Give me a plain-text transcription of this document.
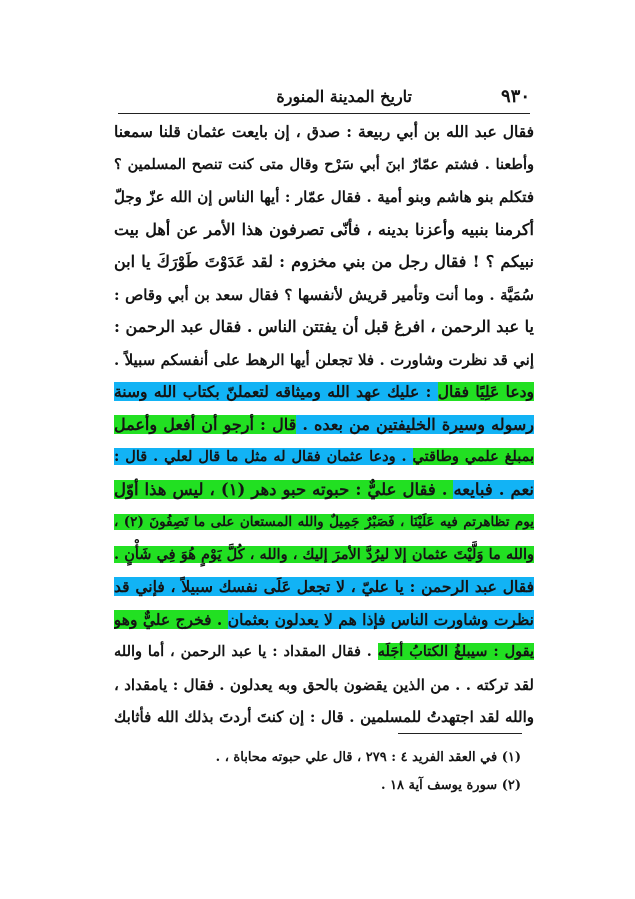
٩٣٠
تاريخ المدينة المنورة
فقال عبد الله بن أبي ربيعة : صدق ، إن بايعت عثمان قلنا سمعنا
وأطعنا . فشتم عمّارٌ ابنَ أبي سَرْح وقال متى كنت تنصح المسلمين ؟
فتكلم بنو هاشم وبنو أمية . فقال عمّار : أيها الناس إن الله عزّ وجلّ
أكرمنا بنبيه وأعزنا بدينه ، فأنّى تصرفون هذا الأمر عن أهل بيت
نبيكم ؟ ! فقال رجل من بني مخزوم : لقد عَدَوْتَ طَوْرَكَ يا ابن
سُمَيَّة . وما أنت وتأمير قريش لأنفسها ؟ فقال سعد بن أبي وقاص :
يا عبد الرحمن ، افرغ قبل أن يفتتن الناس . فقال عبد الرحمن :
إني قد نظرت وشاورت . فلا تجعلن أيها الرهط على أنفسكم سبيلاً .
ودعا عَلِيًا فقال : عليك عهد الله وميثاقه لتعملنّ بكتاب الله وسنة
رسوله وسيرة الخليفتين من بعده . قال : أرجو أن أفعل وأعمل
بمبلغ علمي وطاقتي . ودعا عثمان فقال له مثل ما قال لعلي . قال :
نعم . فبايعه . فقال عليٌّ : حبوته حبو دهر (١) ، ليس هذا أوّل
يوم تظاهرتم فيه عَلَيْنَا ، فَصَبْرٌ جَمِيلٌ والله المستعان على ما تَصِفُونَ (٢) ،
والله ما وَلَّيْتَ عثمان إلا ليرُدَّ الأمرَ إليك ، والله ، كُلَّ يَوْمٍ هُوَ فِي شَأْنٍ .
فقال عبد الرحمن : يا عليّ ، لا تجعل عَلَى نفسك سبيلاً ، فإني قد
نظرت وشاورت الناس فإذا هم لا يعدلون بعثمان . فخرج عليٌّ وهو
يقول : سيبلغُ الكتابُ أجَلَه . فقال المقداد : يا عبد الرحمن ، أما والله
لقد تركته . . من الذين يقضون بالحق وبه يعدلون . فقال : يامقداد ،
والله لقد اجتهدتُ للمسلمين . قال : إن كنتَ أردتَ بذلك الله فأثابك
(١) في العقد الفريد ٤ : ٢٧٩ ، قال علي حبوته محاباة ، .
(٢) سورة يوسف آية ١٨ .
